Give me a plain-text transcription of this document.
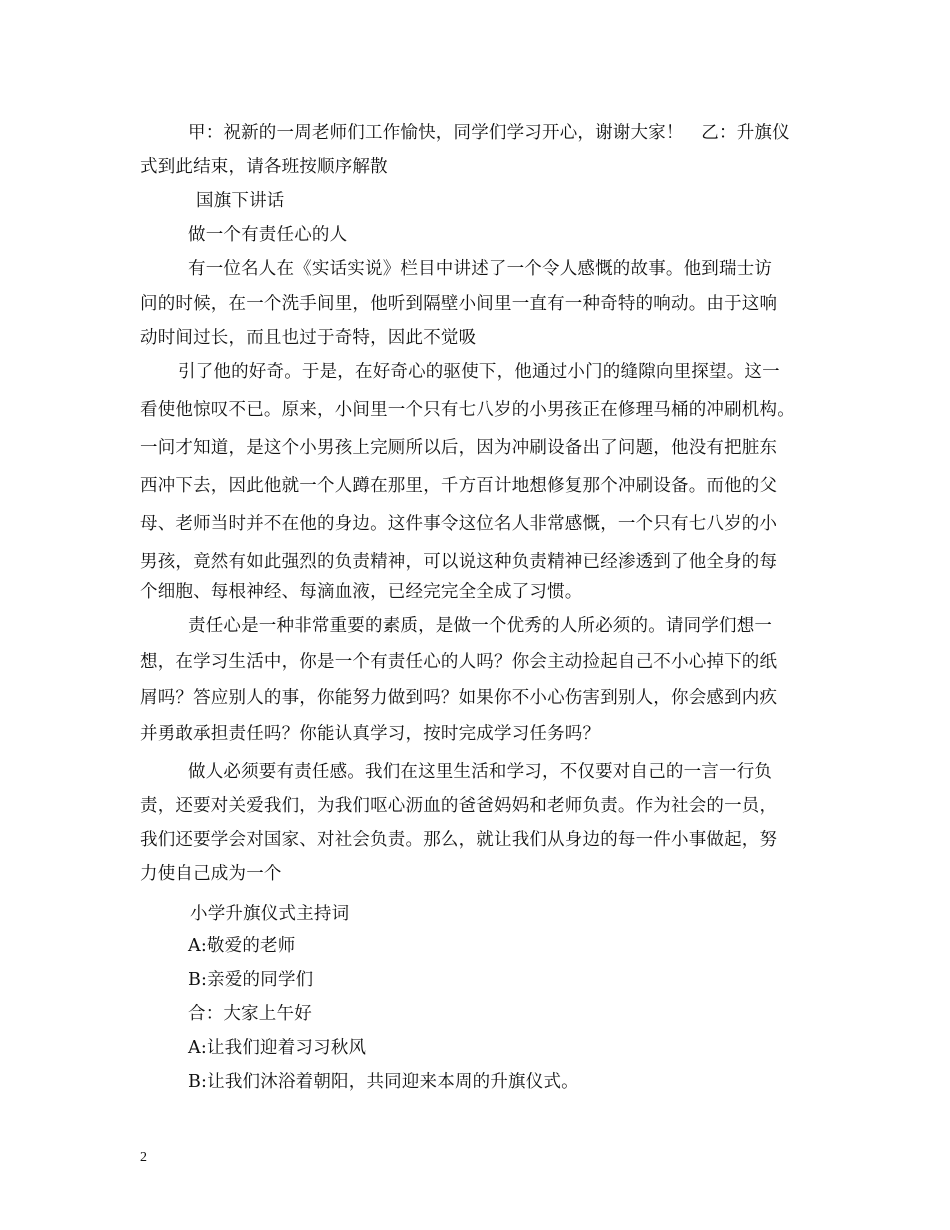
甲：祝新的一周老师们工作愉快，同学们学习开心，谢谢大家！　乙：升旗仪
式到此结束，请各班按顺序解散
国旗下讲话
做一个有责任心的人
有一位名人在《实话实说》栏目中讲述了一个令人感慨的故事。他到瑞士访
问的时候，在一个洗手间里，他听到隔壁小间里一直有一种奇特的响动。由于这响
动时间过长，而且也过于奇特，因此不觉吸
引了他的好奇。于是，在好奇心的驱使下，他通过小门的缝隙向里探望。这一
看使他惊叹不已。原来，小间里一个只有七八岁的小男孩正在修理马桶的冲刷机构。
一问才知道，是这个小男孩上完厕所以后，因为冲刷设备出了问题，他没有把脏东
西冲下去，因此他就一个人蹲在那里，千方百计地想修复那个冲刷设备。而他的父
母、老师当时并不在他的身边。这件事令这位名人非常感慨，一个只有七八岁的小
男孩，竟然有如此强烈的负责精神，可以说这种负责精神已经渗透到了他全身的每
个细胞、每根神经、每滴血液，已经完完全全成了习惯。
责任心是一种非常重要的素质，是做一个优秀的人所必须的。请同学们想一
想，在学习生活中，你是一个有责任心的人吗？你会主动捡起自己不小心掉下的纸
屑吗？答应别人的事，你能努力做到吗？如果你不小心伤害到别人，你会感到内疚
并勇敢承担责任吗？你能认真学习，按时完成学习任务吗？
做人必须要有责任感。我们在这里生活和学习，不仅要对自己的一言一行负
责，还要对关爱我们，为我们呕心沥血的爸爸妈妈和老师负责。作为社会的一员，
我们还要学会对国家、对社会负责。那么，就让我们从身边的每一件小事做起，努
力使自己成为一个
小学升旗仪式主持词
A:敬爱的老师
B:亲爱的同学们
合：大家上午好
A:让我们迎着习习秋风
B:让我们沐浴着朝阳，共同迎来本周的升旗仪式。
2
